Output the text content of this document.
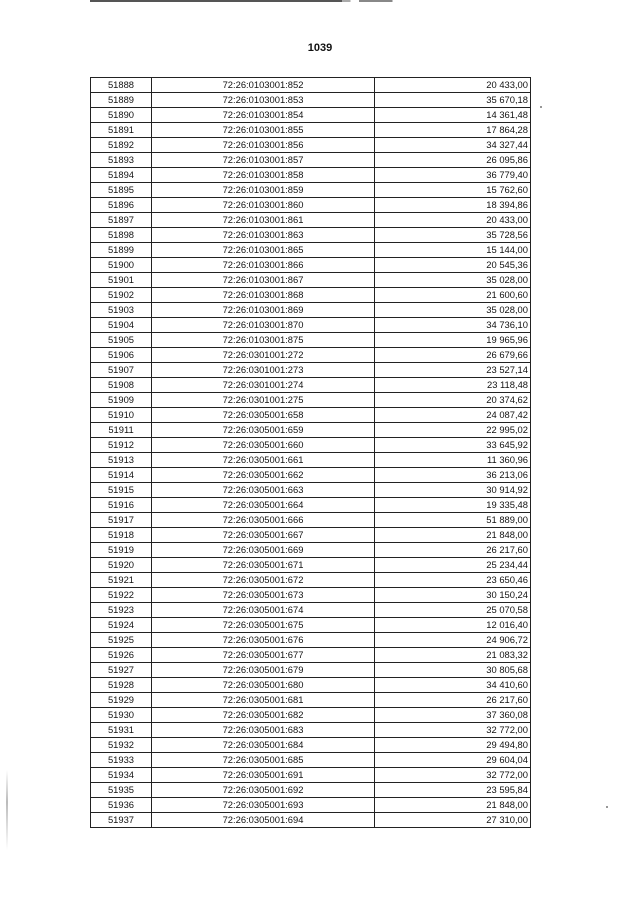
1039
51888	72:26:0103001:852	20 433,00
51889	72:26:0103001:853	35 670,18
51890	72:26:0103001:854	14 361,48
51891	72:26:0103001:855	17 864,28
51892	72:26:0103001:856	34 327,44
51893	72:26:0103001:857	26 095,86
51894	72:26:0103001:858	36 779,40
51895	72:26:0103001:859	15 762,60
51896	72:26:0103001:860	18 394,86
51897	72:26:0103001:861	20 433,00
51898	72:26:0103001:863	35 728,56
51899	72:26:0103001:865	15 144,00
51900	72:26:0103001:866	20 545,36
51901	72:26:0103001:867	35 028,00
51902	72:26:0103001:868	21 600,60
51903	72:26:0103001:869	35 028,00
51904	72:26:0103001:870	34 736,10
51905	72:26:0103001:875	19 965,96
51906	72:26:0301001:272	26 679,66
51907	72:26:0301001:273	23 527,14
51908	72:26:0301001:274	23 118,48
51909	72:26:0301001:275	20 374,62
51910	72:26:0305001:658	24 087,42
51911	72:26:0305001:659	22 995,02
51912	72:26:0305001:660	33 645,92
51913	72:26:0305001:661	11 360,96
51914	72:26:0305001:662	36 213,06
51915	72:26:0305001:663	30 914,92
51916	72:26:0305001:664	19 335,48
51917	72:26:0305001:666	51 889,00
51918	72:26:0305001:667	21 848,00
51919	72:26:0305001:669	26 217,60
51920	72:26:0305001:671	25 234,44
51921	72:26:0305001:672	23 650,46
51922	72:26:0305001:673	30 150,24
51923	72:26:0305001:674	25 070,58
51924	72:26:0305001:675	12 016,40
51925	72:26:0305001:676	24 906,72
51926	72:26:0305001:677	21 083,32
51927	72:26:0305001:679	30 805,68
51928	72:26:0305001:680	34 410,60
51929	72:26:0305001:681	26 217,60
51930	72:26:0305001:682	37 360,08
51931	72:26:0305001:683	32 772,00
51932	72:26:0305001:684	29 494,80
51933	72:26:0305001:685	29 604,04
51934	72:26:0305001:691	32 772,00
51935	72:26:0305001:692	23 595,84
51936	72:26:0305001:693	21 848,00
51937	72:26:0305001:694	27 310,00
